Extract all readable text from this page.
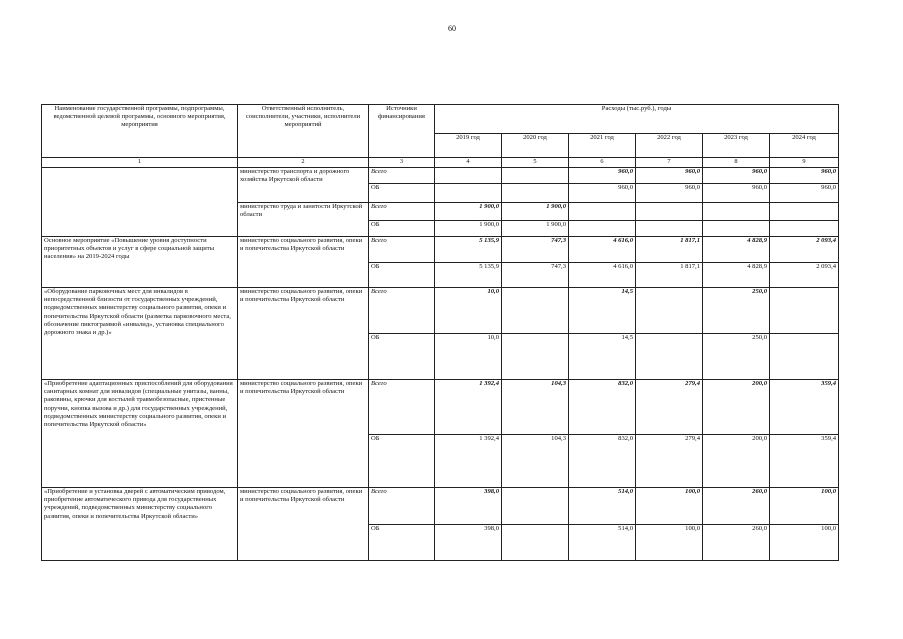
60
Наименование государственной программы, подпрограммы, ведомственной целевой программы, основного мероприятия, мероприятия	Ответственный исполнитель, соисполнители, участники, исполнители мероприятий	Источники финансирования	Расходы (тыс.руб.), годы					
			2019 год	2020 год	2021 год	2022 год	2023 год	2024 год
1	2	3	4	5	6	7	8	9
	министерство транспорта и дорожного хозяйства Иркутской области	Всего			960,0	960,0	960,0	960,0
		ОБ			960,0	960,0	960,0	960,0
	министерство труда и занятости Иркутской области	Всего	1 900,0	1 900,0				
		ОБ	1 900,0	1 900,0				
Основное мероприятие «Повышение уровня доступности приоритетных объектов и услуг в сфере социальной защиты населения» на 2019-2024 годы	министерство социального развития, опеки и попечительства Иркутской области	Всего	5 135,9	747,3	4 616,0	1 817,1	4 828,9	2 093,4
		ОБ	5 135,9	747,3	4 616,0	1 817,1	4 828,9	2 093,4
«Оборудование парковочных мест для инвалидов в непосредственной близости от государственных учреждений, подведомственных министерству социального развития, опеки и попечительства Иркутской области (разметка парковочного места, обозначение пиктограммой «инвалид», установка специального дорожного знака и др.)»	министерство социального развития, опеки и попечительства Иркутской области	Всего	10,0		14,5		250,0	
		ОБ	10,0		14,5		250,0	
«Приобретение адаптационных приспособлений для оборудования санитарных комнат для инвалидов (специальные унитазы, ванны, раковины, крючки для костылей травмобезопасные, пристенные поручни, кнопка вызова и др.) для государственных учреждений, подведомственных министерству социального развития, опеки и попечительства Иркутской области»	министерство социального развития, опеки и попечительства Иркутской области	Всего	1 392,4	104,3	832,0	279,4	200,0	359,4
		ОБ	1 392,4	104,3	832,0	279,4	200,0	359,4
«Приобретение и установка дверей с автоматическим приводом, приобретение автоматического привода для государственных учреждений, подведомственных министерству социального развития, опеки и попечительства Иркутской области»	министерство социального развития, опеки и попечительства Иркутской области	Всего	398,0		514,0	100,0	260,0	100,0
		ОБ	398,0		514,0	100,0	260,0	100,0
